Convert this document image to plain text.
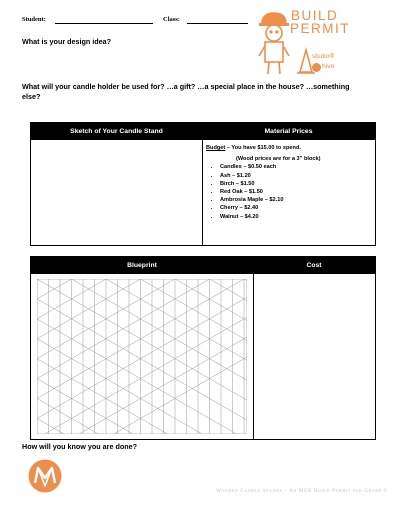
Student:	Class:	BUILD
PERMIT
studio@
hive
What is your design idea?
What will your candle holder be used for? …a gift? …a special place in the house? …something else?
Sketch of Your Candle Stand	Material Prices
Budget – You have $15.00 to spend.
(Wood prices are for a 3” block)
• Candles – $0.50 each
• Ash – $1.20
• Birch – $1.50
• Red Oak – $1.50
• Ambrosia Maple – $2.10
• Cherry – $2.40
• Walnut – $4.20
Blueprint	Cost
How will you know you are done?
Wooden Candle Stands – An MOE Build Permit for Grade 3
